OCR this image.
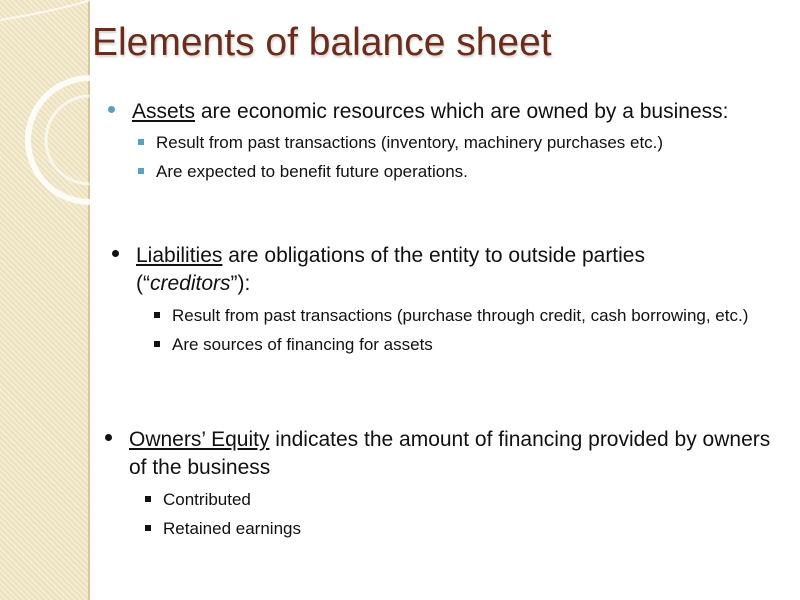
Elements of balance sheet

Assets are economic resources which are owned by a business:

Result from past transactions (inventory, machinery purchases etc.)
Are expected to benefit future operations.

Liabilities are obligations of the entity to outside parties (“creditors”):

Result from past transactions (purchase through credit, cash borrowing, etc.)
Are sources of financing for assets

Owners’ Equity indicates the amount of financing provided by owners of the business

Contributed
Retained earnings
